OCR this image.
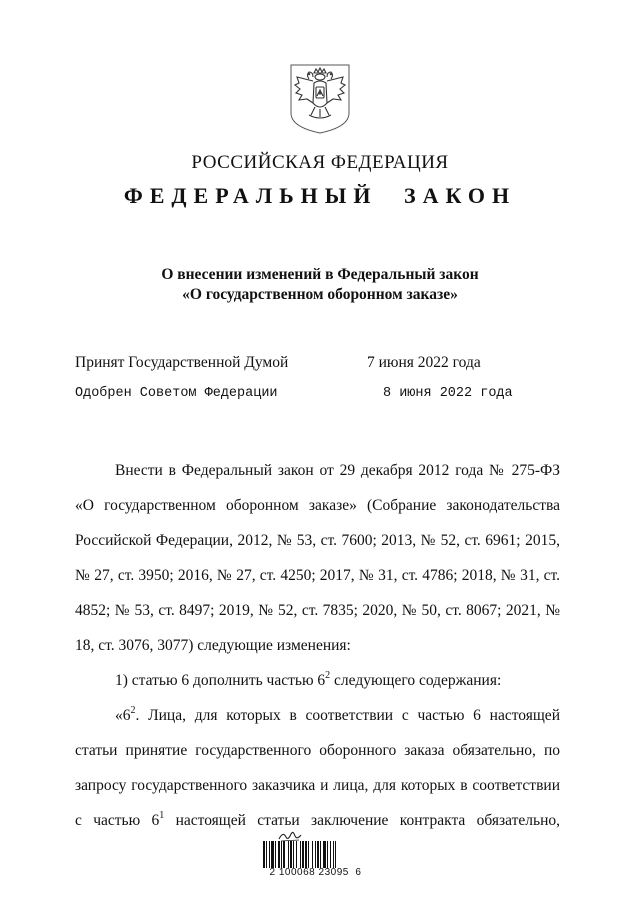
РОССИЙСКАЯ ФЕДЕРАЦИЯ
ФЕДЕРАЛЬНЫЙ ЗАКОН
О внесении изменений в Федеральный закон
«О государственном оборонном заказе»
Принят Государственной Думой	7 июня 2022 года
Одобрен Советом Федерации	8 июня 2022 года
Внести в Федеральный закон от 29 декабря 2012 года № 275-ФЗ «О государственном оборонном заказе» (Собрание законодательства Российской Федерации, 2012, № 53, ст. 7600; 2013, № 52, ст. 6961; 2015, № 27, ст. 3950; 2016, № 27, ст. 4250; 2017, № 31, ст. 4786; 2018, № 31, ст. 4852; № 53, ст. 8497; 2019, № 52, ст. 7835; 2020, № 50, ст. 8067; 2021, № 18, ст. 3076, 3077) следующие изменения:
1) статью 6 дополнить частью $6^2$ следующего содержания:
«$6^2$. Лица, для которых в соответствии с частью 6 настоящей статьи принятие государственного оборонного заказа обязательно, по запросу государственного заказчика и лица, для которых в соответствии с частью $6^1$ настоящей статьи заключение контракта обязательно,
2 100068 23095  6
